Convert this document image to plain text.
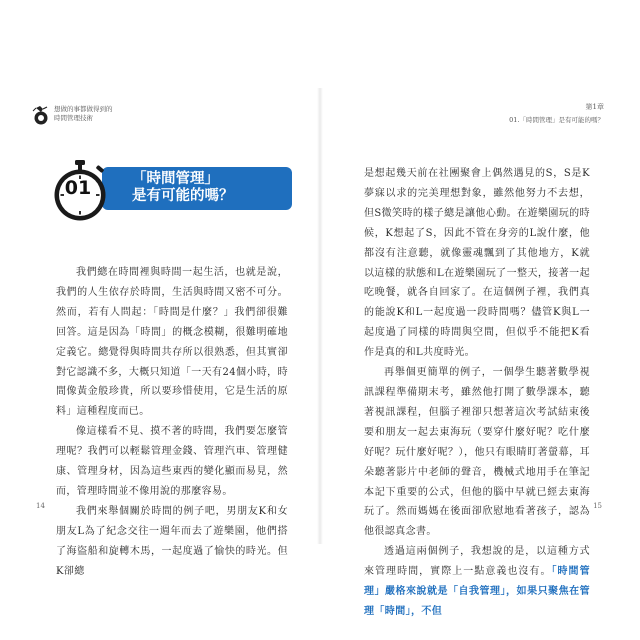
想做的事都做得到的
時間管理技術
「時間管理」
是有可能的嗎？
01

我們總在時間裡與時間一起生活，也就是說，我們的人生依存於時間，生活與時間又密不可分。然而，若有人問起：「時間是什麼？」我們卻很難回答。這是因為「時間」的概念模糊，很難明確地定義它。總覺得與時間共存所以很熟悉，但其實卻對它認識不多，大概只知道「一天有24個小時，時間像黃金般珍貴，所以要珍惜使用，它是生活的原料」這種程度而已。

像這樣看不見、摸不著的時間，我們要怎麼管理呢？我們可以輕鬆管理金錢、管理汽車、管理健康、管理身材，因為這些東西的變化顯而易見，然而，管理時間並不像用說的那麼容易。

我們來舉個關於時間的例子吧，男朋友K和女朋友L為了紀念交往一週年而去了遊樂園，他們搭了海盜船和旋轉木馬，一起度過了愉快的時光。但K卻總

14
第1章
01.「時間管理」是有可能的嗎？

是想起幾天前在社團聚會上偶然遇見的S，S是K夢寐以求的完美理想對象，雖然他努力不去想，但S微笑時的樣子總是讓他心動。在遊樂園玩的時候，K想起了S，因此不管在身旁的L說什麼，他都沒有注意聽，就像靈魂飄到了其他地方，K就以這樣的狀態和L在遊樂園玩了一整天，接著一起吃晚餐，就各自回家了。在這個例子裡，我們真的能說K和L一起度過一段時間嗎？儘管K與L一起度過了同樣的時間與空間，但似乎不能把K看作是真的和L共度時光。

再舉個更簡單的例子，一個學生聽著數學視訊課程準備期末考，雖然他打開了數學課本，聽著視訊課程，但腦子裡卻只想著這次考試結束後要和朋友一起去東海玩（要穿什麼好呢？吃什麼好呢？玩什麼好呢？），他只有眼睛盯著螢幕，耳朵聽著影片中老師的聲音，機械式地用手在筆記本記下重要的公式，但他的腦中早就已經去東海玩了。然而媽媽在後面卻欣慰地看著孩子，認為他很認真念書。

透過這兩個例子，我想說的是，以這種方式來管理時間，實際上一點意義也沒有。「時間管理」嚴格來說就是「自我管理」，如果只聚焦在管理「時間」，不但

15
